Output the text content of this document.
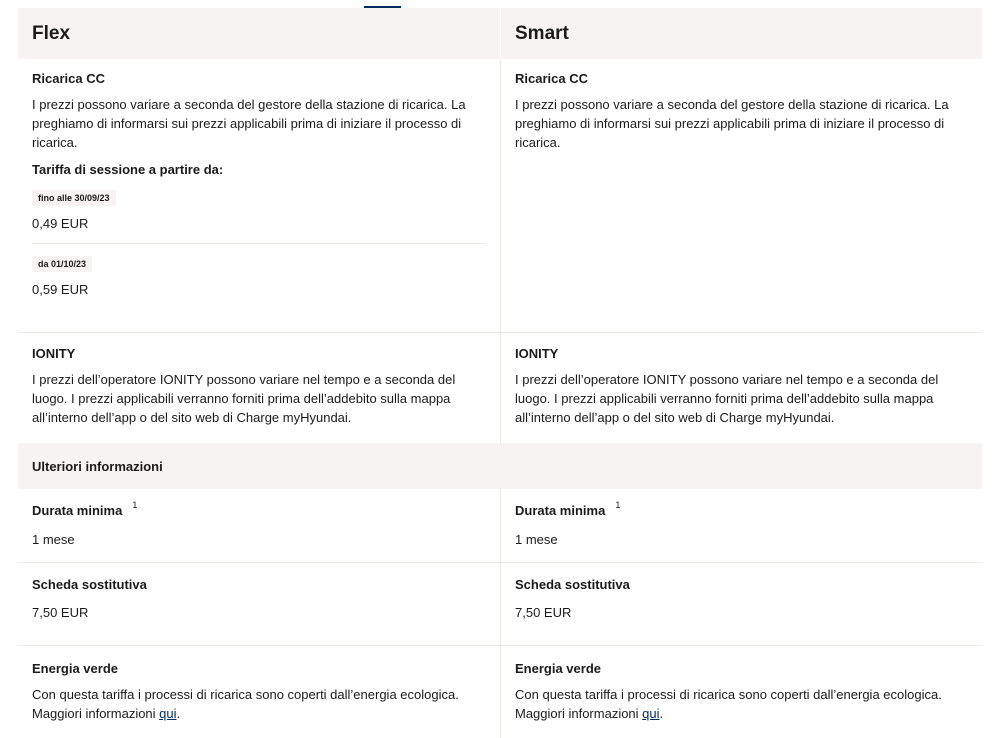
Flex	Smart

Ricarica CC

I prezzi possono variare a seconda del gestore della stazione di ricarica. La preghiamo di informarsi sui prezzi applicabili prima di iniziare il processo di ricarica.

Tariffa di sessione a partire da:

fino alle 30/09/23

0,49 EUR

da 01/10/23

0,59 EUR

Ricarica CC

I prezzi possono variare a seconda del gestore della stazione di ricarica. La preghiamo di informarsi sui prezzi applicabili prima di iniziare il processo di ricarica.

IONITY

I prezzi dell’operatore IONITY possono variare nel tempo e a seconda del luogo. I prezzi applicabili verranno forniti prima dell’addebito sulla mappa all’interno dell’app o del sito web di Charge myHyundai.

IONITY

I prezzi dell’operatore IONITY possono variare nel tempo e a seconda del luogo. I prezzi applicabili verranno forniti prima dell’addebito sulla mappa all’interno dell’app o del sito web di Charge myHyundai.

Ulteriori informazioni

Durata minima $^1$

1 mese

Durata minima $^1$

1 mese

Scheda sostitutiva

7,50 EUR

Scheda sostitutiva

7,50 EUR

Energia verde

Con questa tariffa i processi di ricarica sono coperti dall’energia ecologica.
Maggiori informazioni qui.

Energia verde

Con questa tariffa i processi di ricarica sono coperti dall’energia ecologica.
Maggiori informazioni qui.
